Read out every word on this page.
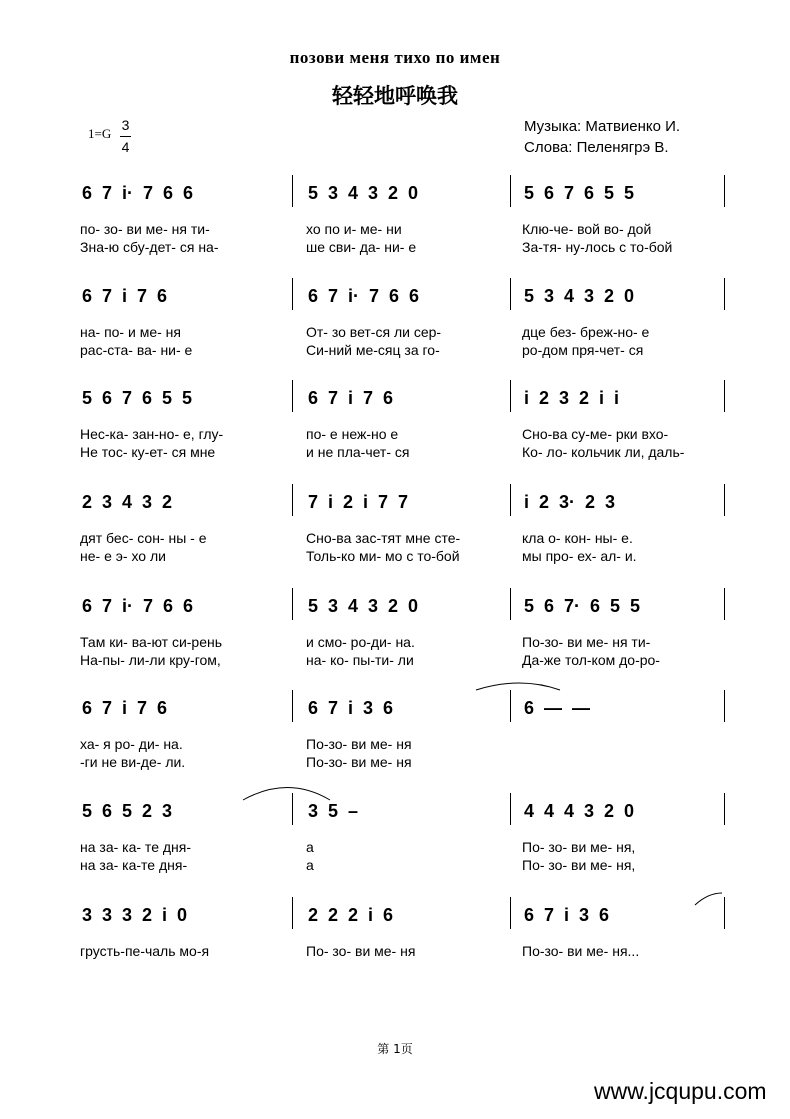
позови меня тихо по имен
轻轻地呼唤我
1=G
3
4
Музыка: Матвиенко И.
Слова: Пеленягрэ В.
6 7 i· 7 6 6
по- зо- ви ме- ня ти-
Зна-ю сбу-дет- ся на-
5 3 4 3 2 0
хо по и- ме- ни
ше сви- да- ни- е
5 6 7 6 5 5
Клю-че- вой во- дой
За-тя- ну-лось с то-бой
6 7 i 7 6
на- по- и ме- ня
рас-ста- ва- ни- е
6 7 i· 7 6 6
От- зо вет-ся ли сер-
Си-ний ме-сяц за го-
5 3 4 3 2 0
дце без- бреж-но- е
ро-дом пря-чет- ся
5 6 7 6 5 5
Нес-ка- зан-но- е, глу-
Не тос- ку-ет- ся мне
6 7 i 7 6
по- е неж-но е
и не пла-чет- ся
i 2 3 2 i i
Сно-ва су-ме- рки вхо-
Ко- ло- кольчик ли, даль-
2 3 4 3 2
дят бес- сон- ны - е
не- е э- хо ли
7 i 2 i 7 7
Сно-ва зас-тят мне сте-
Толь-ко ми- мо с то-бой
i 2 3· 2 3
кла о- кон- ны- е.
мы про- ех- ал- и.
6 7 i· 7 6 6
Там ки- ва-ют си-рень
На-пы- ли-ли кру-гом,
5 3 4 3 2 0
и смо- ро-ди- на.
на- ко- пы-ти- ли
5 6 7· 6 5 5
По-зо- ви ме- ня ти-
Да-же тол-ком до-ро-
6 7 i 7 6
ха- я ро- ди- на.
-ги не ви-де- ли.
6 7 i 3 6
По-зо- ви ме- ня
По-зо- ви ме- ня
6 — —
5 6 5 2 3
на за- ка- те дня-
на за- ка-те дня-
3 5 –
а
а
4 4 4 3 2 0
По- зо- ви ме- ня,
По- зо- ви ме- ня,
3 3 3 2 i 0
грусть-пе-чаль мо-я
2 2 2 i 6
По- зо- ви ме- ня
6 7 i 3 6
По-зо- ви ме- ня...
第 1页
www.jcqupu.com
